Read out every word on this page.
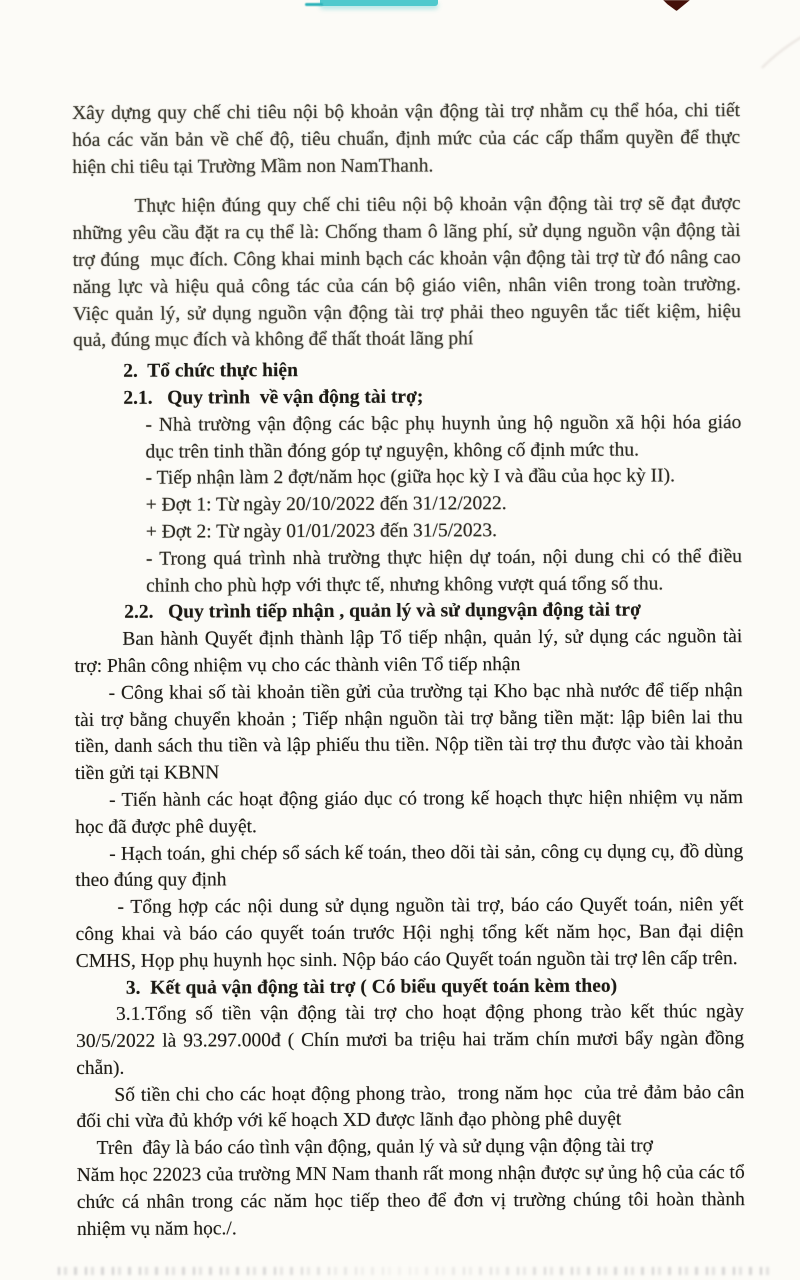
Xây dựng quy chế chi tiêu nội bộ khoản vận động tài trợ nhằm cụ thể hóa, chi tiết hóa các văn bản về chế độ, tiêu chuẩn, định mức của các cấp thẩm quyền để thực hiện chi tiêu tại Trường Mầm non NamThanh.

Thực hiện đúng quy chế chi tiêu nội bộ khoản vận động tài trợ sẽ đạt được những yêu cầu đặt ra cụ thể là: Chống tham ô lãng phí, sử dụng nguồn vận động tài trợ đúng  mục đích. Công khai minh bạch các khoản vận động tài trợ từ đó nâng cao năng lực và hiệu quả công tác của cán bộ giáo viên, nhân viên trong toàn trường. Việc quản lý, sử dụng nguồn vận động tài trợ phải theo nguyên tắc tiết kiệm, hiệu quả, đúng mục đích và không để thất thoát lãng phí

2.  Tổ chức thực hiện

2.1.   Quy trình  về vận động tài trợ;

- Nhà trường vận động các bậc phụ huynh ủng hộ nguồn xã hội hóa giáo dục trên tinh thần đóng góp tự nguyện, không cố định mức thu.

- Tiếp nhận làm 2 đợt/năm học (giữa học kỳ I và đầu của học kỳ II).

+ Đợt 1: Từ ngày 20/10/2022 đến 31/12/2022.

+ Đợt 2: Từ ngày 01/01/2023 đến 31/5/2023.

- Trong quá trình nhà trường thực hiện dự toán, nội dung chi có thể điều chỉnh cho phù hợp với thực tế, nhưng không vượt quá tổng số thu.

2.2.   Quy trình tiếp nhận , quản lý và sử dụngvận động tài trợ

Ban hành Quyết định thành lập Tổ tiếp nhận, quản lý, sử dụng các nguồn tài trợ: Phân công nhiệm vụ cho các thành viên Tổ tiếp nhận

- Công khai số tài khoản tiền gửi của trường tại Kho bạc nhà nước để tiếp nhận tài trợ bằng chuyển khoản ; Tiếp nhận nguồn tài trợ bằng tiền mặt: lập biên lai thu tiền, danh sách thu tiền và lập phiếu thu tiền. Nộp tiền tài trợ thu được vào tài khoản tiền gửi tại KBNN

- Tiến hành các hoạt động giáo dục có trong kế hoạch thực hiện nhiệm vụ năm học đã được phê duyệt.

- Hạch toán, ghi chép sổ sách kế toán, theo dõi tài sản, công cụ dụng cụ, đồ dùng theo đúng quy định

- Tổng hợp các nội dung sử dụng nguồn tài trợ, báo cáo Quyết toán, niên yết công khai và báo cáo quyết toán trước Hội nghị tổng kết năm học, Ban đại diện CMHS, Họp phụ huynh học sinh. Nộp báo cáo Quyết toán nguồn tài trợ lên cấp trên.

3.  Kết quả vận động tài trợ ( Có biểu quyết toán kèm theo)

3.1.Tổng số tiền vận động tài trợ cho hoạt động phong trào kết thúc ngày 30/5/2022 là 93.297.000đ ( Chín mươi ba triệu hai trăm chín mươi bẩy ngàn đồng chẵn).

Số tiền chi cho các hoạt động phong trào,  trong năm học  của trẻ đảm bảo cân đối chi vừa đủ khớp với kế hoạch XD được lãnh đạo phòng phê duyệt

Trên  đây là báo cáo tình vận động, quản lý và sử dụng vận động tài trợ

Năm học 22023 của trường MN Nam thanh rất mong nhận được sự ủng hộ của các tổ chức cá nhân trong các năm học tiếp theo để đơn vị trường chúng tôi hoàn thành nhiệm vụ năm học./.
